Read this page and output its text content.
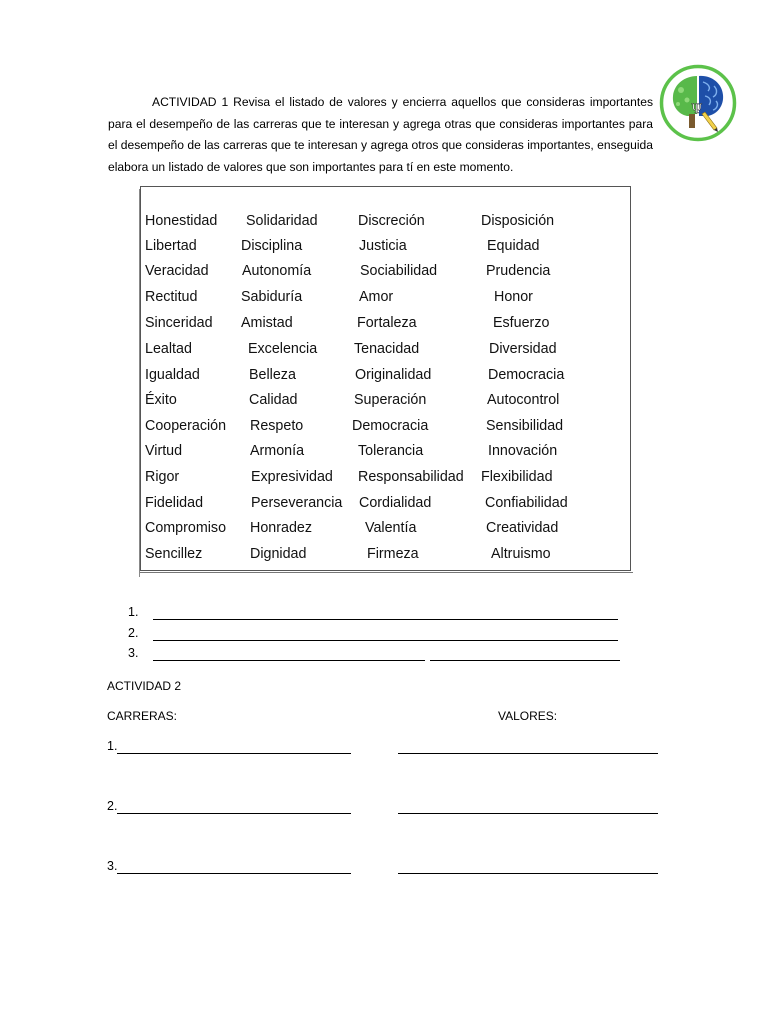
Ψ
ACTIVIDAD 1 Revisa el listado de valores y encierra aquellos que consideras importantes para el desempeño de las carreras que te interesan y agrega otras que consideras importantes para el desempeño de las carreras que te interesan y agrega otros que consideras importantes, enseguida elabora un listado de valores que son importantes para tí en este momento.
Honestidad
Libertad
Veracidad
Rectitud
Sinceridad
Lealtad
Igualdad
Éxito
Cooperación
Virtud
Rigor
Fidelidad
Compromiso
Sencillez
Solidaridad
Disciplina
Autonomía
Sabiduría
Amistad
Excelencia
Belleza
Calidad
Respeto
Armonía
Expresividad
Perseverancia
Honradez
Dignidad
Discreción
Justicia
Sociabilidad
Amor
Fortaleza
Tenacidad
Originalidad
Superación
Democracia
Tolerancia
Responsabilidad
Cordialidad
Valentía
Firmeza
Disposición
Equidad
Prudencia
Honor
Esfuerzo
Diversidad
Democracia
Autocontrol
Sensibilidad
Innovación
Flexibilidad
Confiabilidad
Creatividad
Altruismo
1.
2.
3.
ACTIVIDAD 2
CARRERAS:	VALORES:
1.
2.
3.
